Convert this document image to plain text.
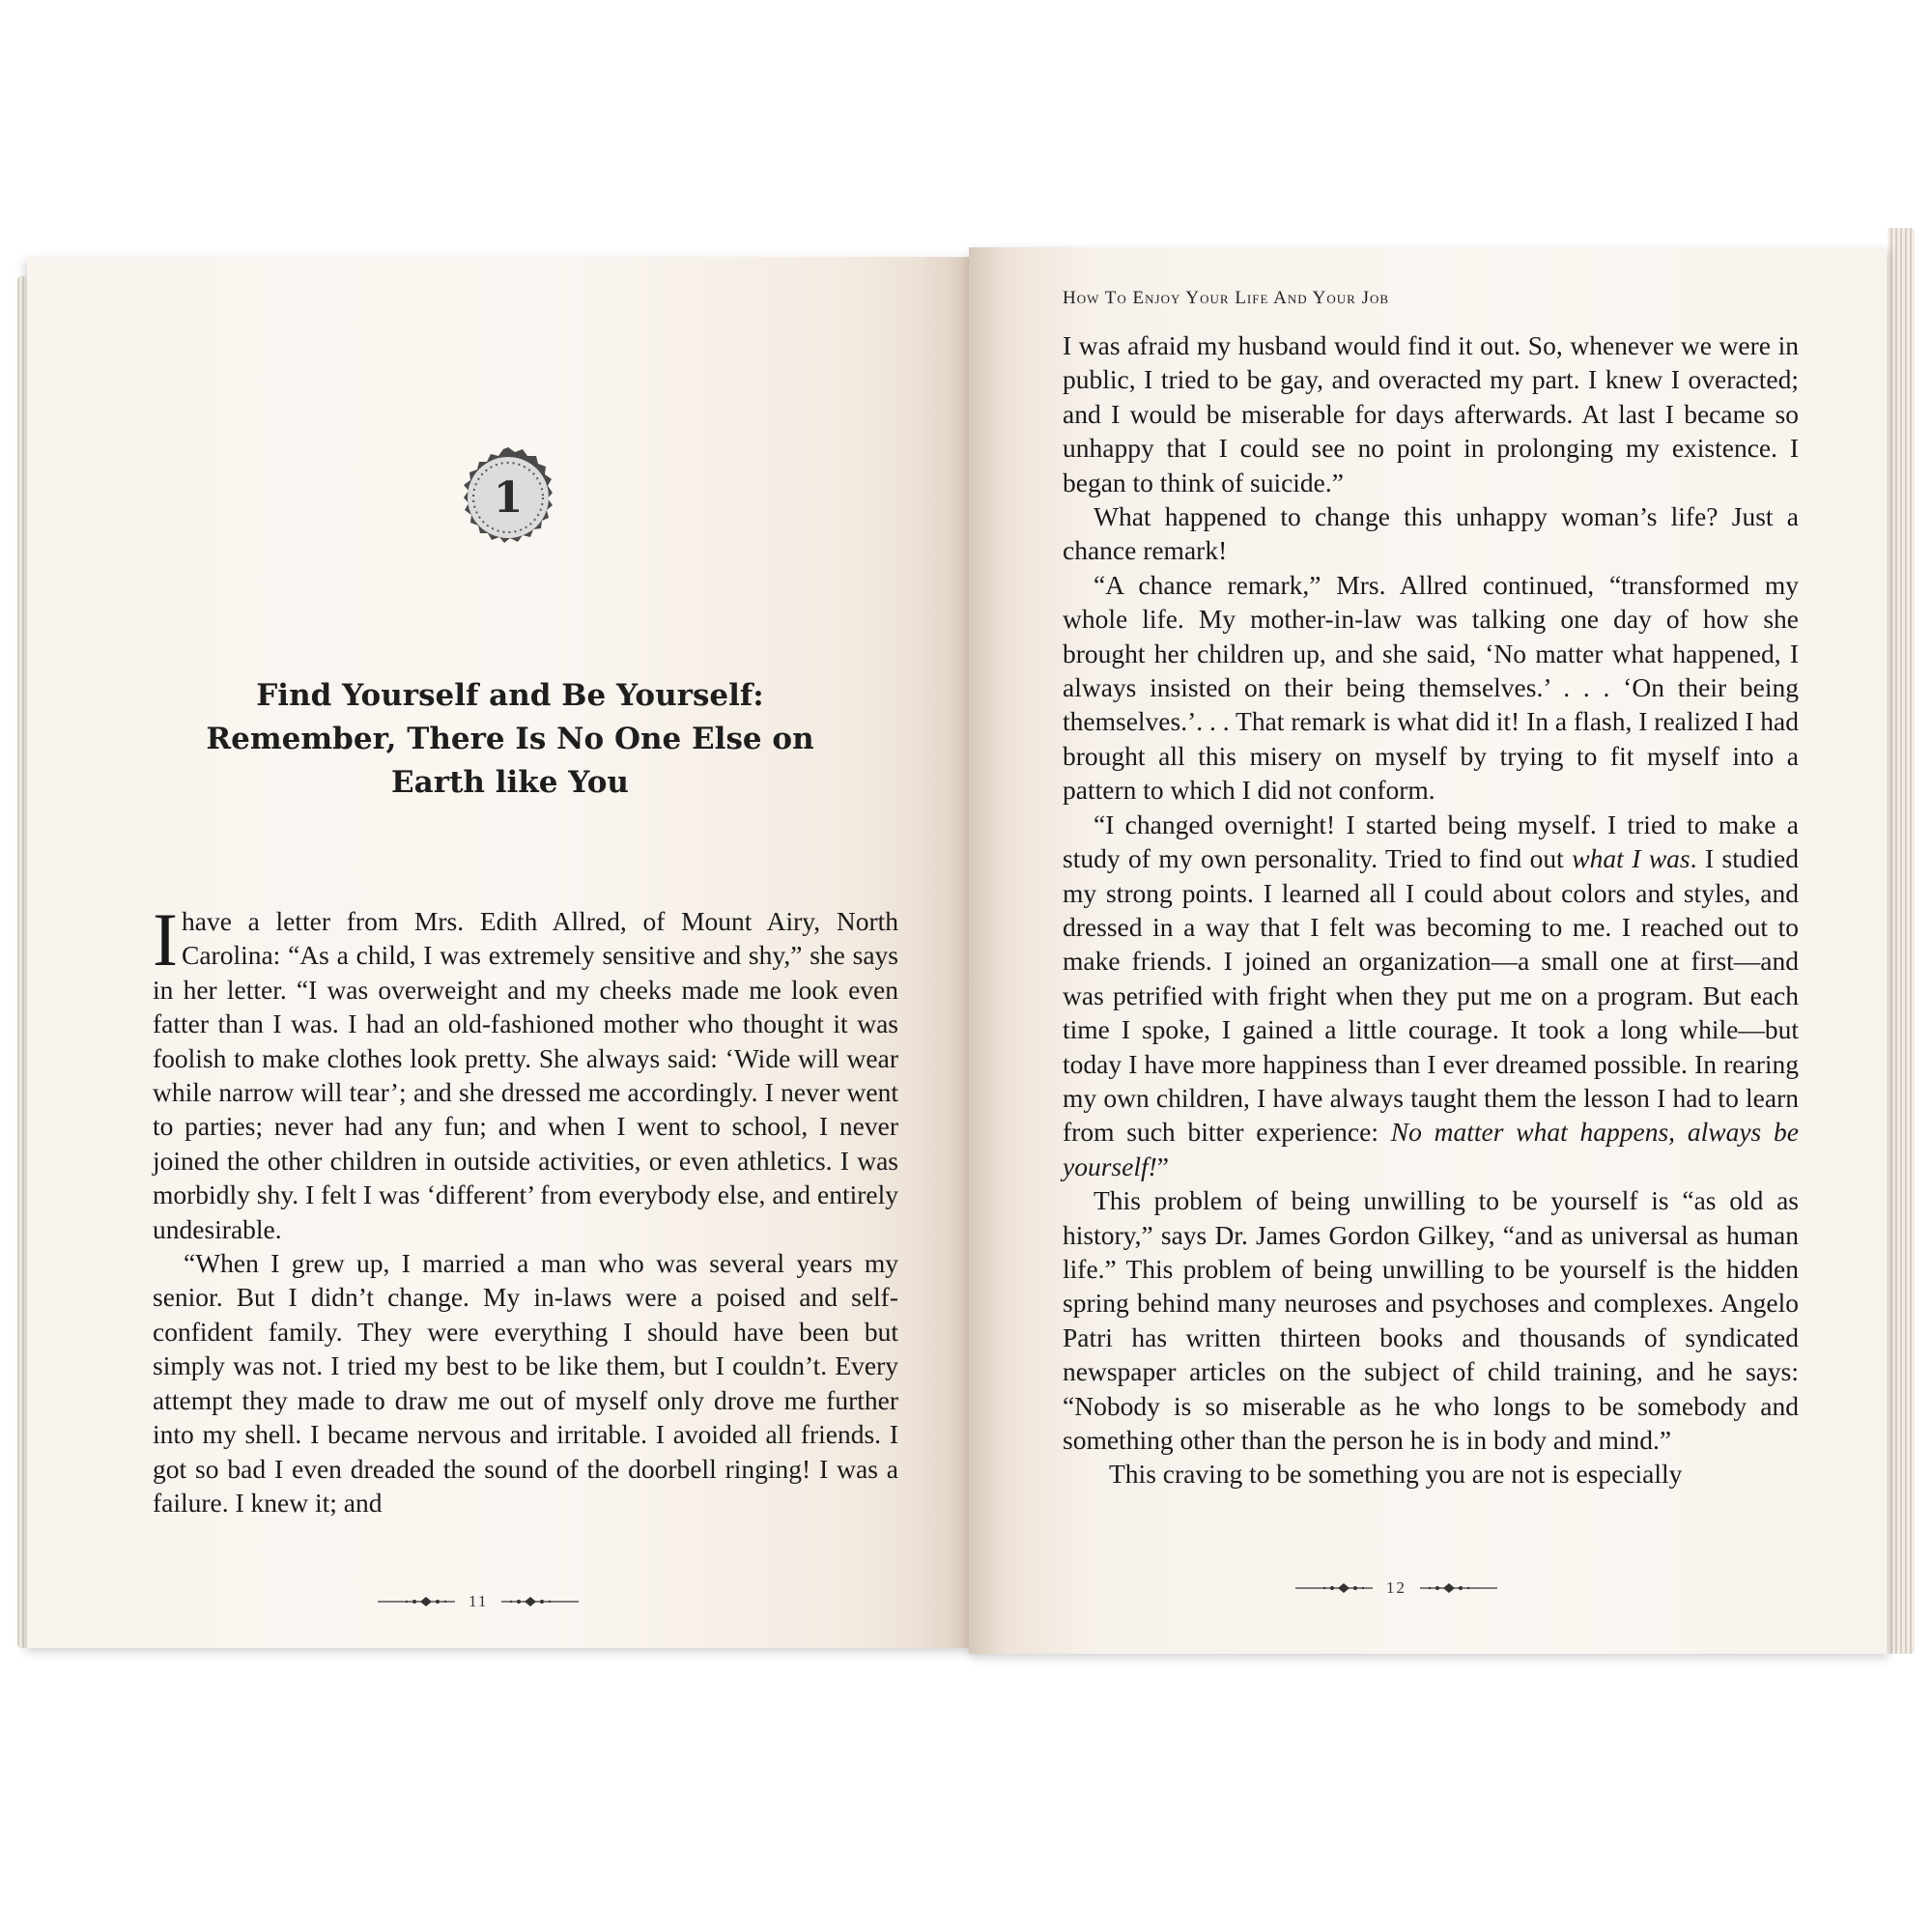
1
Find Yourself and Be Yourself:
Remember, There Is No One Else on
Earth like You

Ihave a letter from Mrs. Edith Allred, of Mount Airy, North Carolina: “As a child, I was extremely sensitive and shy,” she says in her letter. “I was overweight and my cheeks made me look even fatter than I was. I had an old-fashioned mother who thought it was foolish to make clothes look pretty. She always said: ‘Wide will wear while narrow will tear’; and she dressed me accordingly. I never went to parties; never had any fun; and when I went to school, I never joined the other children in outside activities, or even athletics. I was morbidly shy. I felt I was ‘different’ from everybody else, and entirely undesirable.

“When I grew up, I married a man who was several years my senior. But I didn’t change. My in-laws were a poised and self-confident family. They were everything I should have been but simply was not. I tried my best to be like them, but I couldn’t. Every attempt they made to draw me out of myself only drove me further into my shell. I became nervous and irritable. I avoided all friends. I got so bad I even dreaded the sound of the doorbell ringing! I was a failure. I knew it; and

11
How To Enjoy Your Life And Your Job

I was afraid my husband would find it out. So, whenever we were in public, I tried to be gay, and overacted my part. I knew I overacted; and I would be miserable for days afterwards. At last I became so unhappy that I could see no point in prolonging my existence. I began to think of suicide.”

What happened to change this unhappy woman’s life? Just a chance remark!

“A chance remark,” Mrs. Allred continued, “transformed my whole life. My mother-in-law was talking one day of how she brought her children up, and she said, ‘No matter what happened, I always insisted on their being themselves.’ . . . ‘On their being themselves.’. . . That remark is what did it! In a flash, I realized I had brought all this misery on myself by trying to fit myself into a pattern to which I did not conform.

“I changed overnight! I started being myself. I tried to make a study of my own personality. Tried to find out what I was. I studied my strong points. I learned all I could about colors and styles, and dressed in a way that I felt was becoming to me. I reached out to make friends. I joined an organization—a small one at first—and was petrified with fright when they put me on a program. But each time I spoke, I gained a little courage. It took a long while—but today I have more happiness than I ever dreamed possible. In rearing my own children, I have always taught them the lesson I had to learn from such bitter experience: No matter what happens, always be yourself!”

This problem of being unwilling to be yourself is “as old as history,” says Dr. James Gordon Gilkey, “and as universal as human life.” This problem of being unwilling to be yourself is the hidden spring behind many neuroses and psychoses and complexes. Angelo Patri has written thirteen books and thousands of syndicated newspaper articles on the subject of child training, and he says: “Nobody is so miserable as he who longs to be somebody and something other than the person he is in body and mind.”

This craving to be something you are not is especially

12
